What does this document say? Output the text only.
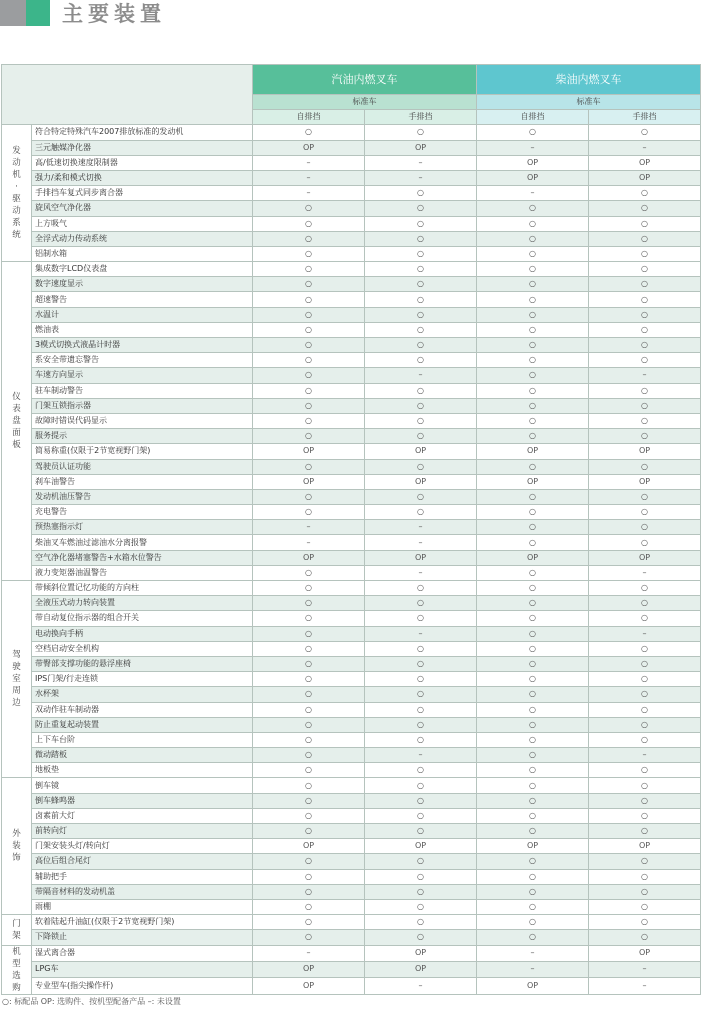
主要装置
		汽油内燃叉车		柴油内燃叉车	
		标准车		标准车	
		自排挡	手排挡	自排挡	手排挡
发动机·驱动系统	符合特定特殊汽车2007排放标准的发动机	○	○	○	○
	三元触媒净化器	OP	OP	–	–
	高/低速切换速度限制器	–	–	OP	OP
	强力/柔和模式切换	–	–	OP	OP
	手排挡车复式同步离合器	–	○	–	○
	旋风空气净化器	○	○	○	○
	上方吸气	○	○	○	○
	全浮式动力传动系统	○	○	○	○
	铝制水箱	○	○	○	○
仪表盘面板	集成数字LCD仪表盘	○	○	○	○
	数字速度显示	○	○	○	○
	超速警告	○	○	○	○
	水温计	○	○	○	○
	燃油表	○	○	○	○
	3模式切换式液晶计时器	○	○	○	○
	系安全带遗忘警告	○	○	○	○
	车速方向显示	○	–	○	–
	驻车制动警告	○	○	○	○
	门架互锁指示器	○	○	○	○
	故障时错误代码显示	○	○	○	○
	服务提示	○	○	○	○
	简易称重(仅限于2节宽视野门架)	OP	OP	OP	OP
	驾驶员认证功能	○	○	○	○
	刹车油警告	OP	OP	OP	OP
	发动机油压警告	○	○	○	○
	充电警告	○	○	○	○
	预热塞指示灯	–	–	○	○
	柴油叉车燃油过滤油水分离报警	–	–	○	○
	空气净化器堵塞警告+水箱水位警告	OP	OP	OP	OP
	液力变矩器油温警告	○	–	○	–
驾驶室周边	带倾斜位置记忆功能的方向柱	○	○	○	○
	全液压式动力转向装置	○	○	○	○
	带自动复位指示器的组合开关	○	○	○	○
	电动换向手柄	○	–	○	–
	空档启动安全机构	○	○	○	○
	带臀部支撑功能的悬浮座椅	○	○	○	○
	IPS门架/行走连锁	○	○	○	○
	水杯架	○	○	○	○
	双动作驻车制动器	○	○	○	○
	防止重复起动装置	○	○	○	○
	上下车台阶	○	○	○	○
	微动踏板	○	–	○	–
	地板垫	○	○	○	○
外装饰	倒车镜	○	○	○	○
	倒车蜂鸣器	○	○	○	○
	卤素前大灯	○	○	○	○
	前转向灯	○	○	○	○
	门架安装头灯/转向灯	OP	OP	OP	OP
	高位后组合尾灯	○	○	○	○
	辅助把手	○	○	○	○
	带隔音材料的发动机盖	○	○	○	○
	雨棚	○	○	○	○
门架	软着陆起升油缸(仅限于2节宽视野门架)	○	○	○	○
	下降锁止	○	○	○	○
机型选购	湿式离合器	–	OP	–	OP
	LPG车	OP	OP	–	–
	专业型车(指尖操作杆)	OP	–	OP	–
○: 标配品 OP: 选购件、按机型配备产品 –: 未设置
